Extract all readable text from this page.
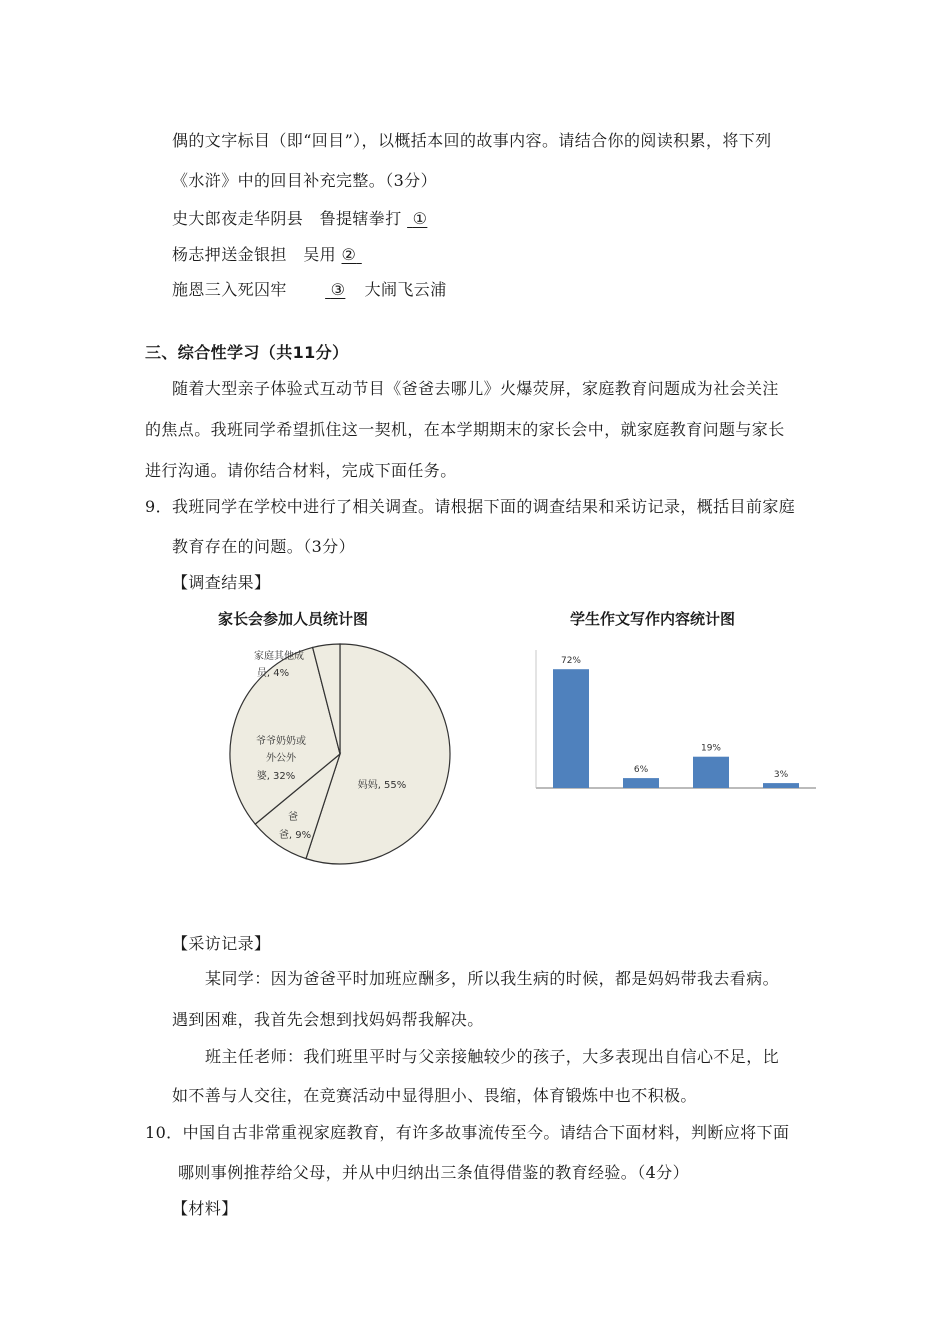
偶的文字标目（即“回目”），以概括本回的故事内容。请结合你的阅读积累，将下列
《水浒》中的回目补充完整。（3分）
史大郎夜走华阴县　鲁提辖拳打 ①
杨志押送金银担　吴用 ②
施恩三入死囚牢　　  ③ 大闹飞云浦
三、综合性学习（共11分）
随着大型亲子体验式互动节目《爸爸去哪儿》火爆荧屏，家庭教育问题成为社会关注
的焦点。我班同学希望抓住这一契机，在本学期期末的家长会中，就家庭教育问题与家长
进行沟通。请你结合材料，完成下面任务。
9．我班同学在学校中进行了相关调查。请根据下面的调查结果和采访记录，概括目前家庭
教育存在的问题。（3分）
【调查结果】
家长会参加人员统计图
妈妈, 55%
爸
爸, 9%
爷爷奶奶或
外公外
婆, 32%
家庭其他成
员, 4%
学生作文写作内容统计图
72%
6%
19%
3%
【采访记录】
某同学：因为爸爸平时加班应酬多，所以我生病的时候，都是妈妈带我去看病。
遇到困难，我首先会想到找妈妈帮我解决。
班主任老师：我们班里平时与父亲接触较少的孩子，大多表现出自信心不足，比
如不善与人交往，在竞赛活动中显得胆小、畏缩，体育锻炼中也不积极。
10．中国自古非常重视家庭教育，有许多故事流传至今。请结合下面材料，判断应将下面
哪则事例推荐给父母，并从中归纳出三条值得借鉴的教育经验。（4分）
【材料】
